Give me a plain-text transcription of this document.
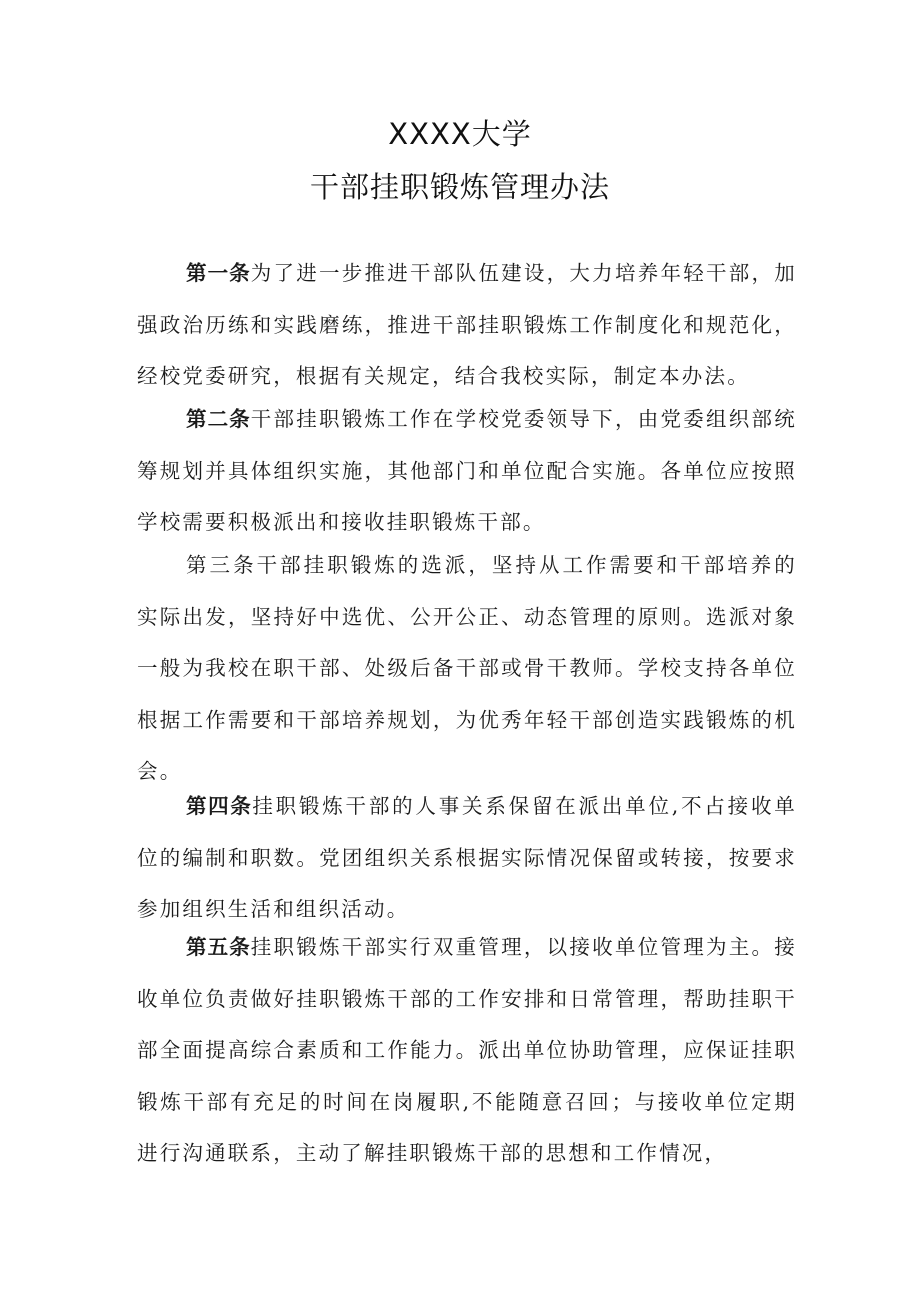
XXXX大学
干部挂职锻炼管理办法

第一条为了进一步推进干部队伍建设，大力培养年轻干部，加强政治历练和实践磨练，推进干部挂职锻炼工作制度化和规范化，经校党委研究，根据有关规定，结合我校实际，制定本办法。

第二条干部挂职锻炼工作在学校党委领导下，由党委组织部统筹规划并具体组织实施，其他部门和单位配合实施。各单位应按照学校需要积极派出和接收挂职锻炼干部。

第三条干部挂职锻炼的选派，坚持从工作需要和干部培养的实际出发，坚持好中选优、公开公正、动态管理的原则。选派对象一般为我校在职干部、处级后备干部或骨干教师。学校支持各单位根据工作需要和干部培养规划，为优秀年轻干部创造实践锻炼的机会。

第四条挂职锻炼干部的人事关系保留在派出单位,不占接收单位的编制和职数。党团组织关系根据实际情况保留或转接，按要求参加组织生活和组织活动。

第五条挂职锻炼干部实行双重管理，以接收单位管理为主。接收单位负责做好挂职锻炼干部的工作安排和日常管理，帮助挂职干部全面提高综合素质和工作能力。派出单位协助管理，应保证挂职锻炼干部有充足的时间在岗履职,不能随意召回；与接收单位定期进行沟通联系，主动了解挂职锻炼干部的思想和工作情况，
